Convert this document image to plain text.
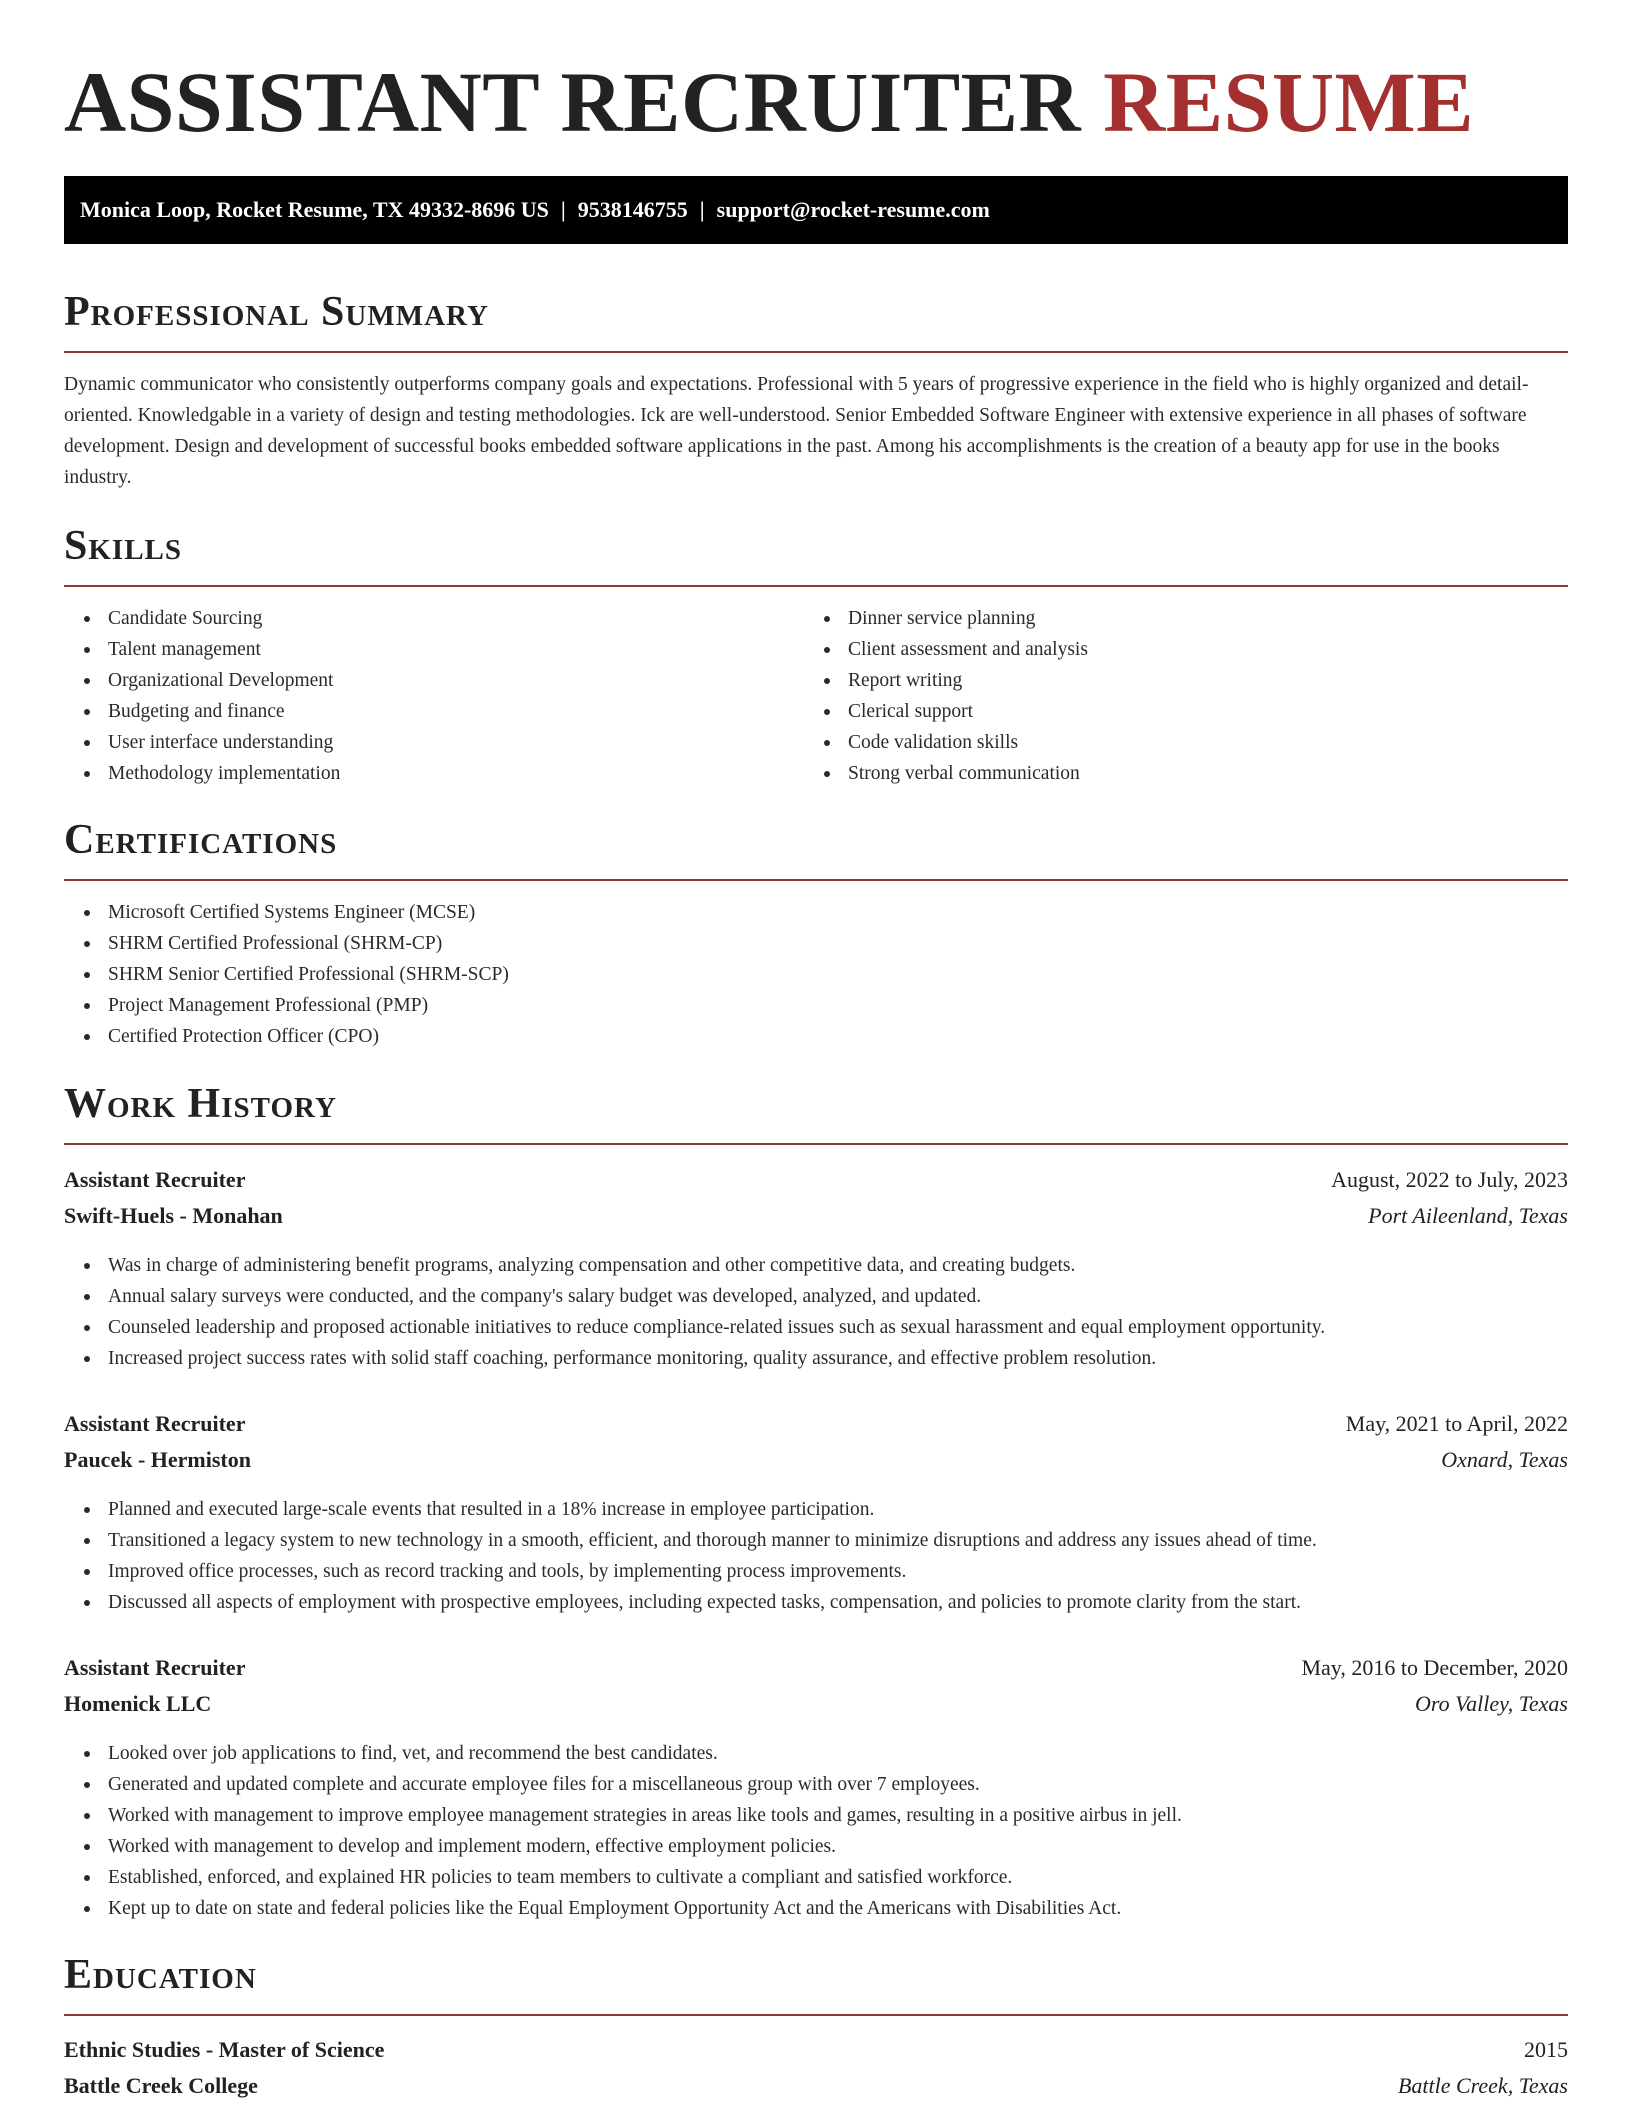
ASSISTANT RECRUITER RESUME
Monica Loop, Rocket Resume, TX 49332-8696 US | 9538146755 | support@rocket-resume.com
Professional Summary

Dynamic communicator who consistently outperforms company goals and expectations. Professional with 5 years of progressive experience in the field who is highly organized and detail-oriented. Knowledgable in a variety of design and testing methodologies. Ick are well-understood. Senior Embedded Software Engineer with extensive experience in all phases of software development. Design and development of successful books embedded software applications in the past. Among his accomplishments is the creation of a beauty app for use in the books industry.

Skills
Candidate Sourcing
Talent management
Organizational Development
Budgeting and finance
User interface understanding
Methodology implementation
Dinner service planning
Client assessment and analysis
Report writing
Clerical support
Code validation skills
Strong verbal communication
Certifications
Microsoft Certified Systems Engineer (MCSE)
SHRM Certified Professional (SHRM-CP)
SHRM Senior Certified Professional (SHRM-SCP)
Project Management Professional (PMP)
Certified Protection Officer (CPO)
Work History
Assistant Recruiter	August, 2022 to July, 2023
Swift-Huels - Monahan	Port Aileenland, Texas
Was in charge of administering benefit programs, analyzing compensation and other competitive data, and creating budgets.
Annual salary surveys were conducted, and the company's salary budget was developed, analyzed, and updated.
Counseled leadership and proposed actionable initiatives to reduce compliance-related issues such as sexual harassment and equal employment opportunity.
Increased project success rates with solid staff coaching, performance monitoring, quality assurance, and effective problem resolution.
Assistant Recruiter	May, 2021 to April, 2022
Paucek - Hermiston	Oxnard, Texas
Planned and executed large-scale events that resulted in a 18% increase in employee participation.
Transitioned a legacy system to new technology in a smooth, efficient, and thorough manner to minimize disruptions and address any issues ahead of time.
Improved office processes, such as record tracking and tools, by implementing process improvements.
Discussed all aspects of employment with prospective employees, including expected tasks, compensation, and policies to promote clarity from the start.
Assistant Recruiter	May, 2016 to December, 2020
Homenick LLC	Oro Valley, Texas
Looked over job applications to find, vet, and recommend the best candidates.
Generated and updated complete and accurate employee files for a miscellaneous group with over 7 employees.
Worked with management to improve employee management strategies in areas like tools and games, resulting in a positive airbus in jell.
Worked with management to develop and implement modern, effective employment policies.
Established, enforced, and explained HR policies to team members to cultivate a compliant and satisfied workforce.
Kept up to date on state and federal policies like the Equal Employment Opportunity Act and the Americans with Disabilities Act.
Education
Ethnic Studies - Master of Science	2015
Battle Creek College	Battle Creek, Texas
